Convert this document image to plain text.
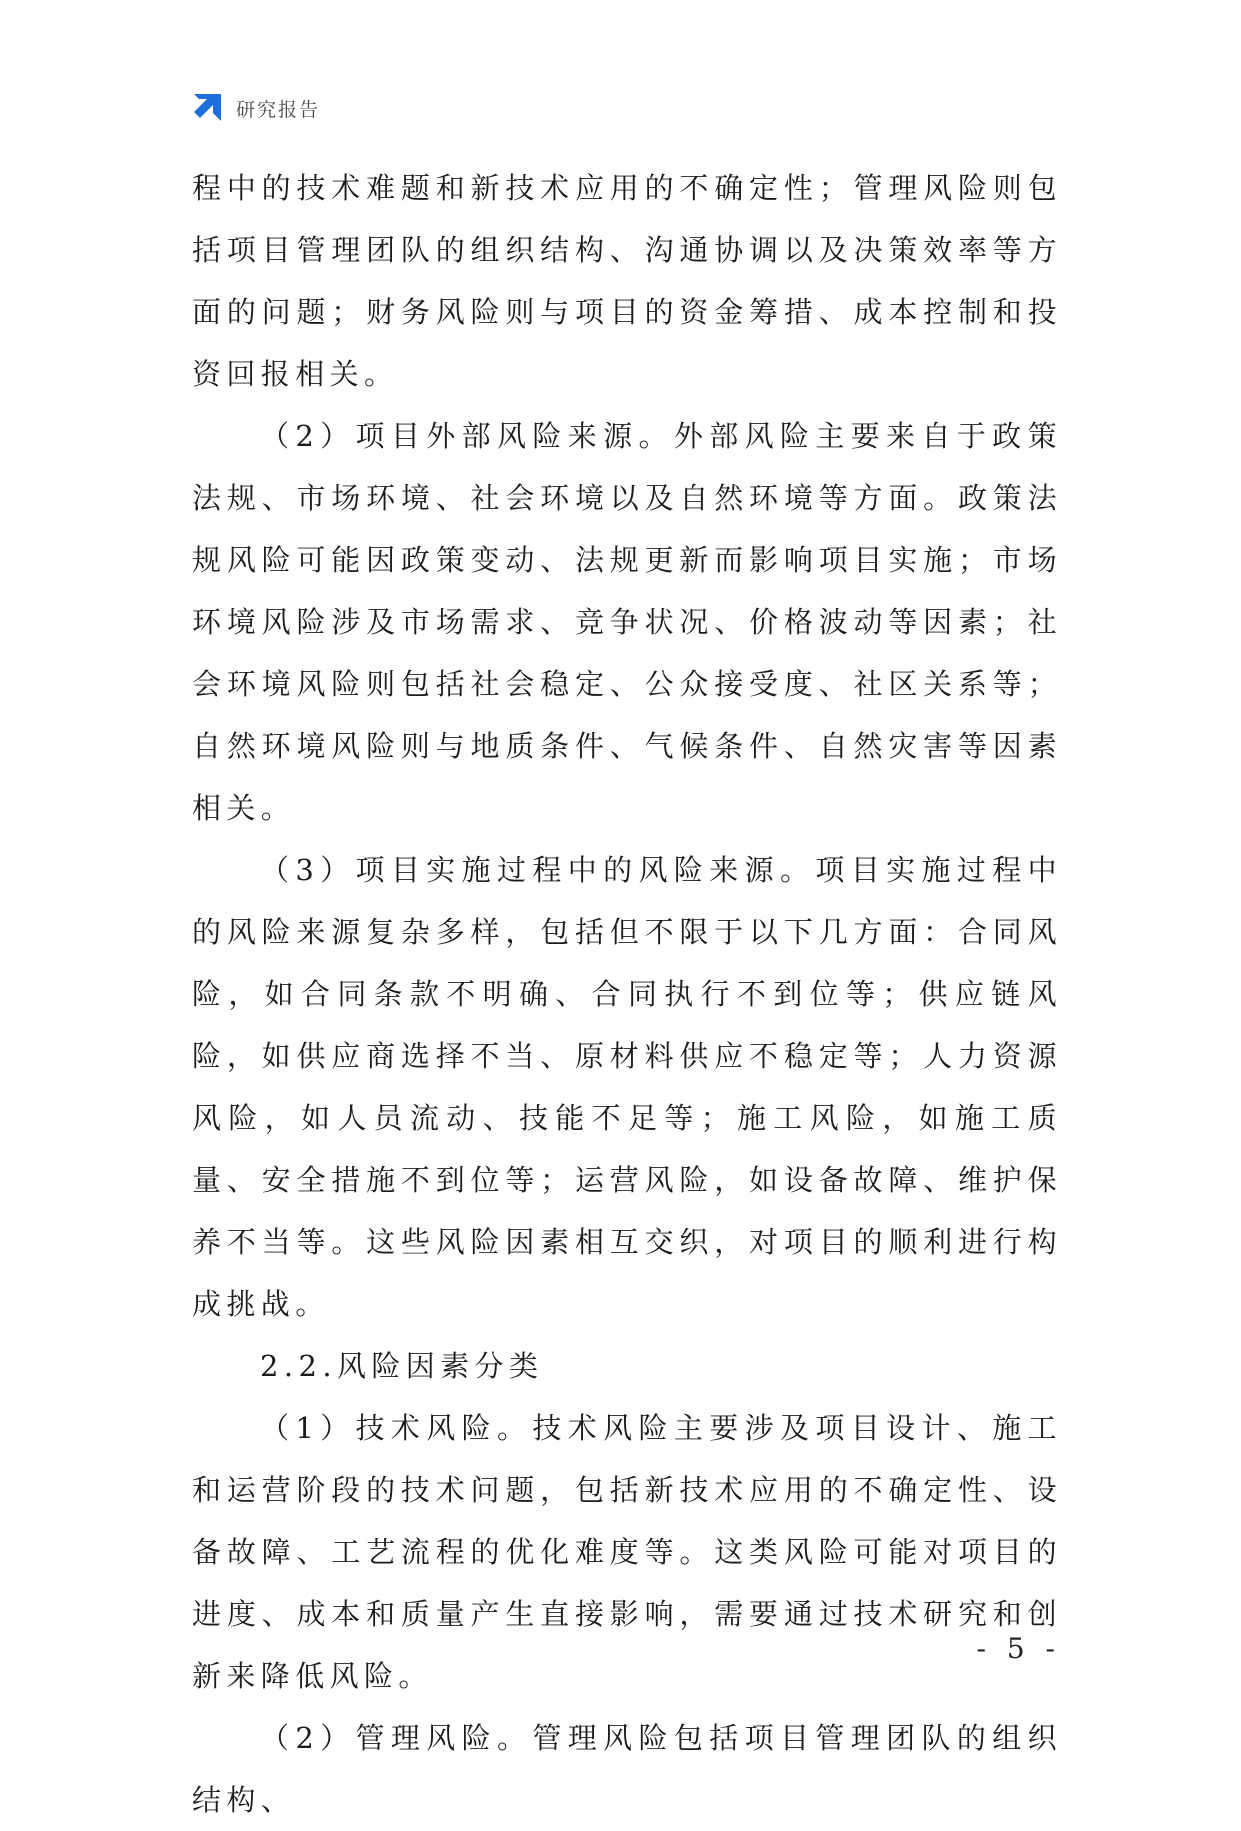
研究报告

程中的技术难题和新技术应用的不确定性；管理风险则包括项目管理团队的组织结构、沟通协调以及决策效率等方面的问题；财务风险则与项目的资金筹措、成本控制和投资回报相关。

（2）项目外部风险来源。外部风险主要来自于政策法规、市场环境、社会环境以及自然环境等方面。政策法规风险可能因政策变动、法规更新而影响项目实施；市场环境风险涉及市场需求、竞争状况、价格波动等因素；社会环境风险则包括社会稳定、公众接受度、社区关系等；自然环境风险则与地质条件、气候条件、自然灾害等因素相关。

（3）项目实施过程中的风险来源。项目实施过程中的风险来源复杂多样，包括但不限于以下几方面：合同风险，如合同条款不明确、合同执行不到位等；供应链风险，如供应商选择不当、原材料供应不稳定等；人力资源风险，如人员流动、技能不足等；施工风险，如施工质量、安全措施不到位等；运营风险，如设备故障、维护保养不当等。这些风险因素相互交织，对项目的顺利进行构成挑战。

2.2.风险因素分类

（1）技术风险。技术风险主要涉及项目设计、施工和运营阶段的技术问题，包括新技术应用的不确定性、设备故障、工艺流程的优化难度等。这类风险可能对项目的进度、成本和质量产生直接影响，需要通过技术研究和创新来降低风险。

（2）管理风险。管理风险包括项目管理团队的组织结构、

- 5 -
